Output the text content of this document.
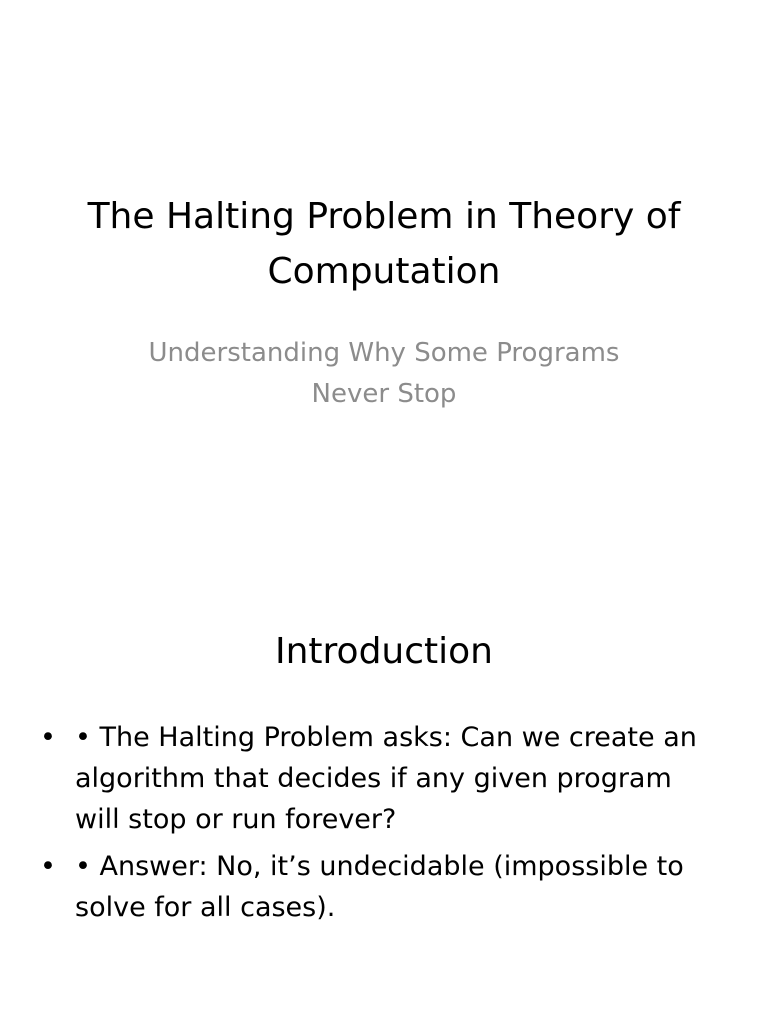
The Halting Problem in Theory of Computation

Understanding Why Some Programs Never Stop

Introduction
• • The Halting Problem asks: Can we create an algorithm that decides if any given program will stop or run forever?
• • Answer: No, it’s undecidable (impossible to solve for all cases).
